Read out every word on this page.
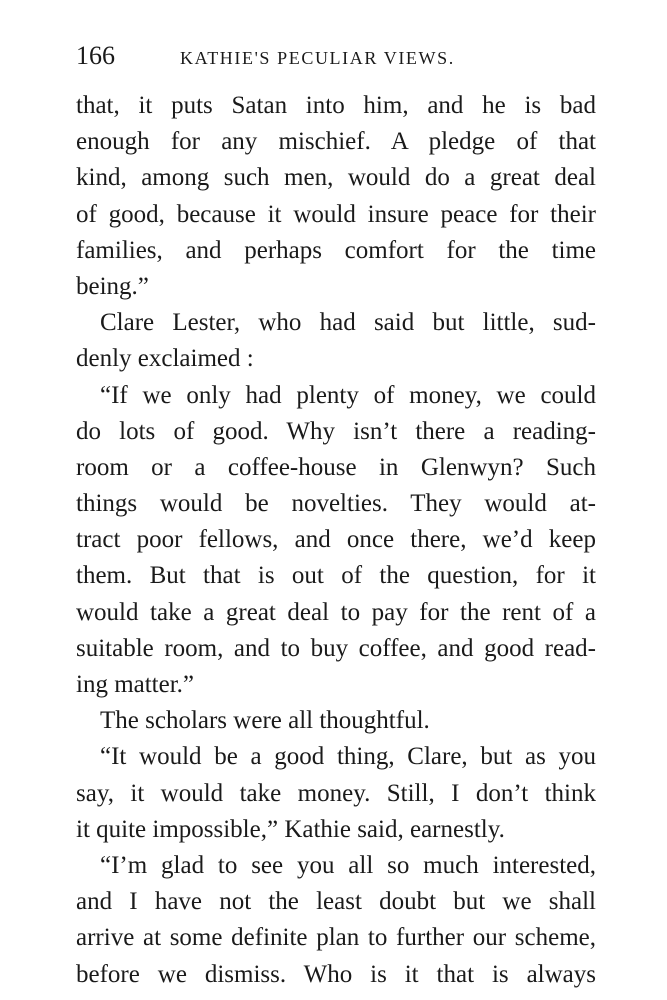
166	KATHIE'S PECULIAR VIEWS.
that, it puts Satan into him, and he is bad
enough for any mischief. A pledge of that
kind, among such men, would do a great deal
of good, because it would insure peace for their
families, and perhaps comfort for the time
being.”
Clare Lester, who had said but little, sud-
denly exclaimed :
“If we only had plenty of money, we could
do lots of good. Why isn’t there a reading-
room or a coffee-house in Glenwyn? Such
things would be novelties. They would at-
tract poor fellows, and once there, we’d keep
them. But that is out of the question, for it
would take a great deal to pay for the rent of a
suitable room, and to buy coffee, and good read-
ing matter.”
The scholars were all thoughtful.
“It would be a good thing, Clare, but as you
say, it would take money. Still, I don’t think
it quite impossible,” Kathie said, earnestly.
“I’m glad to see you all so much interested,
and I have not the least doubt but we shall
arrive at some definite plan to further our scheme,
before we dismiss. Who is it that is always
